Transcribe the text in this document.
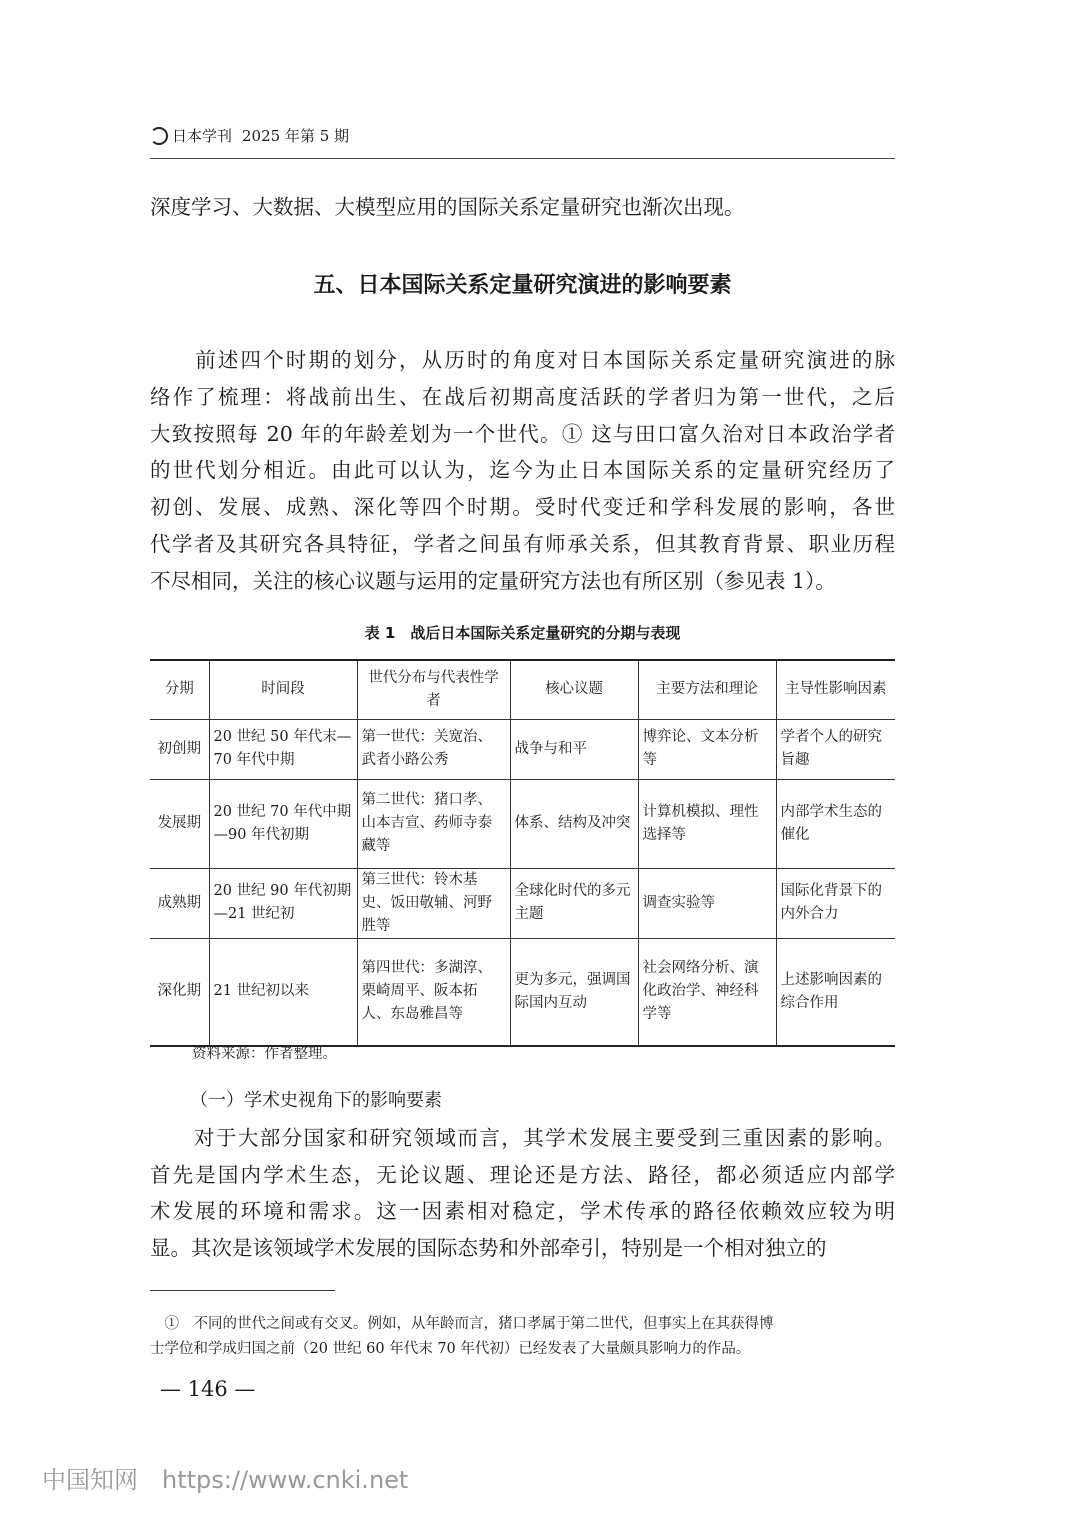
日本学刊 2025 年第 5 期
深度学习、大数据、大模型应用的国际关系定量研究也渐次出现。
五、日本国际关系定量研究演进的影响要素
　　前述四个时期的划分，从历时的角度对日本国际关系定量研究演进的脉
络作了梳理：将战前出生、在战后初期高度活跃的学者归为第一世代，之后
大致按照每 20 年的年龄差划为一个世代。① 这与田口富久治对日本政治学者
的世代划分相近。由此可以认为，迄今为止日本国际关系的定量研究经历了
初创、发展、成熟、深化等四个时期。受时代变迁和学科发展的影响，各世
代学者及其研究各具特征，学者之间虽有师承关系，但其教育背景、职业历程
不尽相同，关注的核心议题与运用的定量研究方法也有所区别（参见表 1）。
表 1　战后日本国际关系定量研究的分期与表现
分期	时间段	世代分布与代表性学者	核心议题	主要方法和理论	主导性影响因素
初创期	20 世纪 50 年代末—70 年代中期	第一世代：关宽治、武者小路公秀	战争与和平	博弈论、文本分析等	学者个人的研究旨趣
发展期	20 世纪 70 年代中期—90 年代初期	第二世代：猪口孝、山本吉宣、药师寺泰藏等	体系、结构及冲突	计算机模拟、理性选择等	内部学术生态的催化
成熟期	20 世纪 90 年代初期—21 世纪初	第三世代：铃木基史、饭田敬辅、河野胜等	全球化时代的多元主题	调查实验等	国际化背景下的内外合力
深化期	21 世纪初以来	第四世代：多湖淳、栗崎周平、阪本拓人、东岛雅昌等	更为多元，强调国际国内互动	社会网络分析、演化政治学、神经科学等	上述影响因素的综合作用
资料来源：作者整理。
（一）学术史视角下的影响要素
　　对于大部分国家和研究领域而言，其学术发展主要受到三重因素的影响。
首先是国内学术生态，无论议题、理论还是方法、路径，都必须适应内部学
术发展的环境和需求。这一因素相对稳定，学术传承的路径依赖效应较为明
显。其次是该领域学术发展的国际态势和外部牵引，特别是一个相对独立的
　①　不同的世代之间或有交叉。例如，从年龄而言，猪口孝属于第二世代，但事实上在其获得博
士学位和学成归国之前（20 世纪 60 年代末 70 年代初）已经发表了大量颇具影响力的作品。
— 146 —
中国知网　https://www.cnki.net
